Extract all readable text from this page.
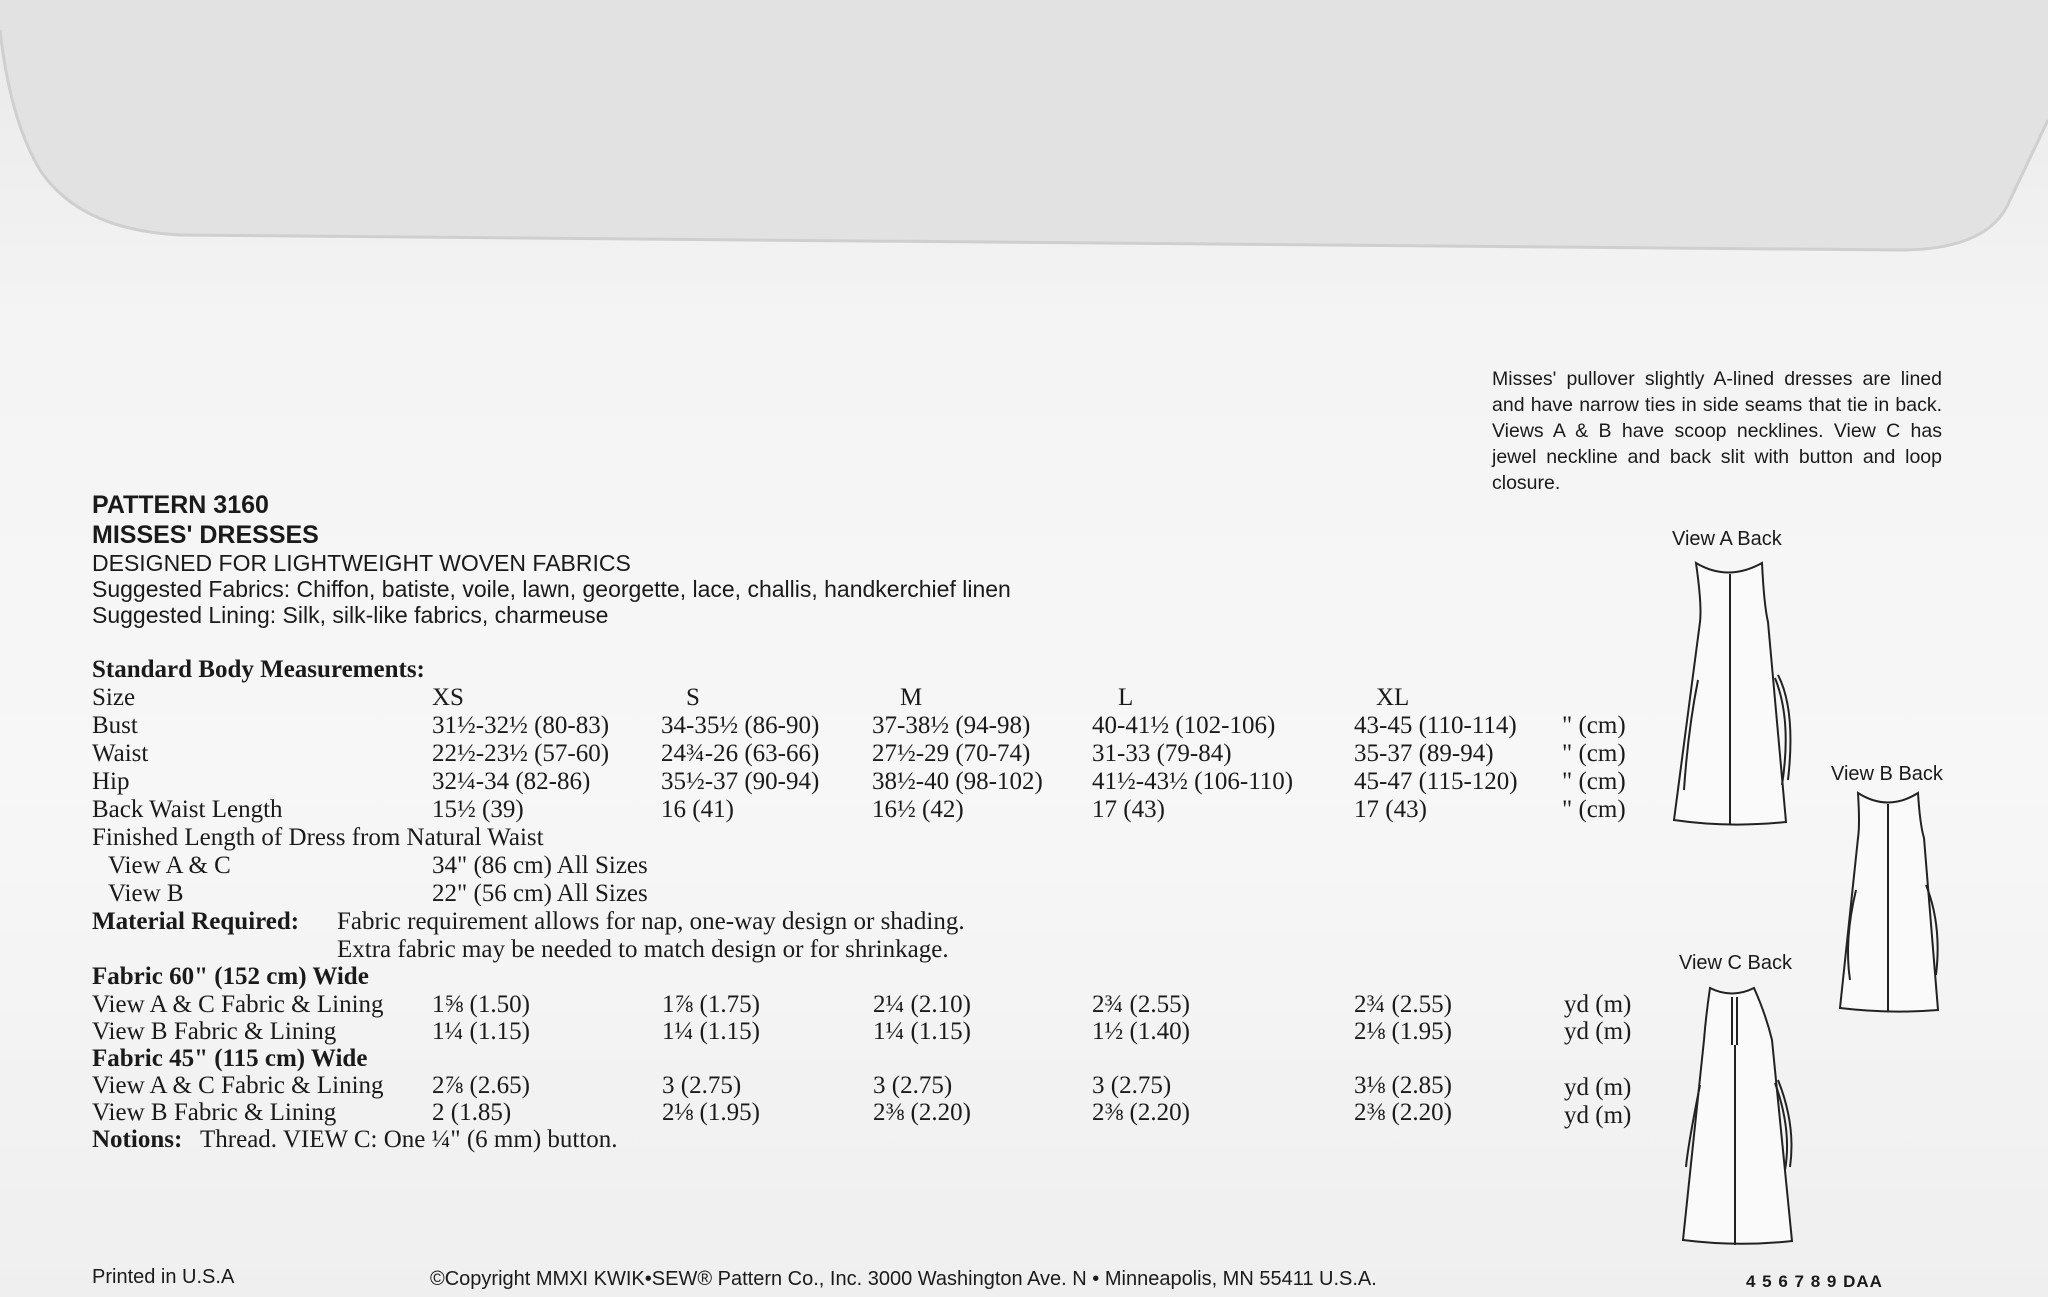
Misses' pullover slightly A-lined dresses are lined and have narrow ties in side seams that tie in back. Views A & B have scoop necklines. View C has jewel neckline and back slit with button and loop closure.
PATTERN 3160
MISSES' DRESSES
DESIGNED FOR LIGHTWEIGHT WOVEN FABRICS
Suggested Fabrics: Chiffon, batiste, voile, lawn, georgette, lace, challis, handkerchief linen
Suggested Lining: Silk, silk-like fabrics, charmeuse
Standard Body Measurements:
Size	XS	S	M	L	XL
Bust	31½-32½ (80-83) 34-35½ (86-90) 37-38½ (94-98) 40-41½ (102-106)	43-45 (110-114) " (cm)
Waist	22½-23½ (57-60) 24¾-26 (63-66) 27½-29 (70-74) 31-33 (79-84)	35-37 (89-94)	" (cm)
Hip	32¼-34 (82-86)	35½-37 (90-94) 38½-40 (98-102) 41½-43½ (106-110) 45-47 (115-120) " (cm)
Back Waist Length	15½ (39)	16 (41)	16½ (42)	17 (43)	17 (43)	" (cm)
Finished Length of Dress from Natural Waist
View A & C	34" (86 cm) All Sizes
View B	22" (56 cm) All Sizes
Material Required: Fabric requirement allows for nap, one-way design or shading.
Extra fabric may be needed to match design or for shrinkage.
Fabric 60" (152 cm) Wide
View A & C Fabric & Lining 1⅝ (1.50)	1⅞ (1.75)	2¼ (2.10)	2¾ (2.55)	2¾ (2.55)	yd (m)
View B Fabric & Lining	1¼ (1.15)	1¼ (1.15)	1¼ (1.15)	1½ (1.40)	2⅛ (1.95)	yd (m)
Fabric 45" (115 cm) Wide
View A & C Fabric & Lining 2⅞ (2.65)	3 (2.75)	3 (2.75)	3 (2.75)	3⅛ (2.85)	yd (m)
View B Fabric & Lining	2 (1.85)	2⅛ (1.95)	2⅜ (2.20)	2⅜ (2.20)	2⅜ (2.20)	yd (m)
Notions: Thread. VIEW C: One ¼" (6 mm) button.
View A Back
View B Back
View C Back
Printed in U.S.A	©Copyright MMXI KWIK•SEW® Pattern Co., Inc. 3000 Washington Ave. N • Minneapolis, MN 55411 U.S.A.	4 5 6 7 8 9 DAA
